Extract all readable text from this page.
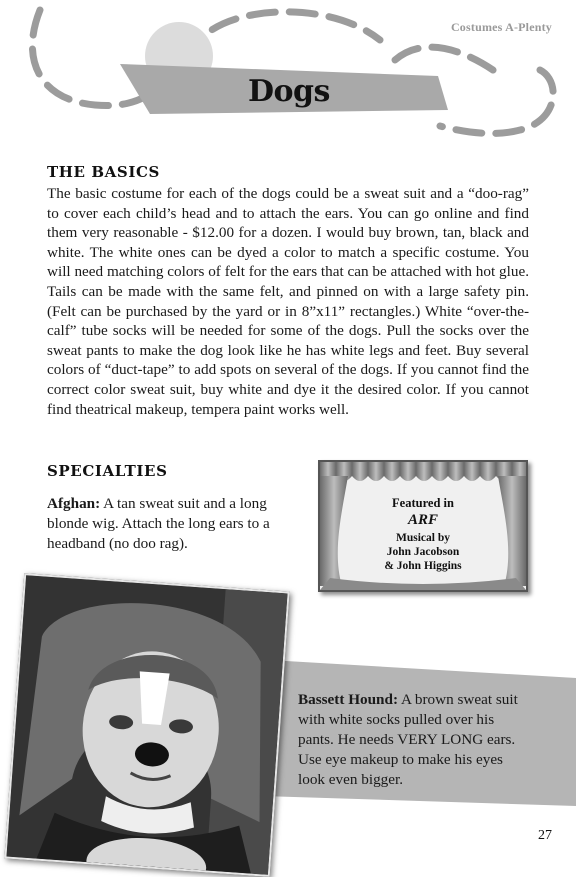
Costumes A-Plenty
Dogs
THE BASICS
The basic costume for each of the dogs could be a sweat suit and a “doo-rag” to cover each child’s head and to attach the ears. You can go online and find them very reasonable - $12.00 for a dozen. I would buy brown, tan, black and white. The white ones can be dyed a color to match a specific costume. You will need matching colors of felt for the ears that can be attached with hot glue. Tails can be made with the same felt, and pinned on with a large safety pin. (Felt can be purchased by the yard or in 8”x11” rectangles.) White “over-the-calf” tube socks will be needed for some of the dogs. Pull the socks over the sweat pants to make the dog look like he has white legs and feet. Buy several colors of “duct-tape” to add spots on several of the dogs. If you cannot find the correct color sweat suit, buy white and dye it the desired color. If you cannot find theatrical makeup, tempera paint works well.
SPECIALTIES
Afghan: A tan sweat suit and a long blonde wig. Attach the long ears to a headband (no doo rag).
Featured in
ARF
Musical by
John Jacobson
& John Higgins
Bassett Hound: A brown sweat suit with white socks pulled over his pants. He needs VERY LONG ears. Use eye makeup to make his eyes look even bigger.
27
